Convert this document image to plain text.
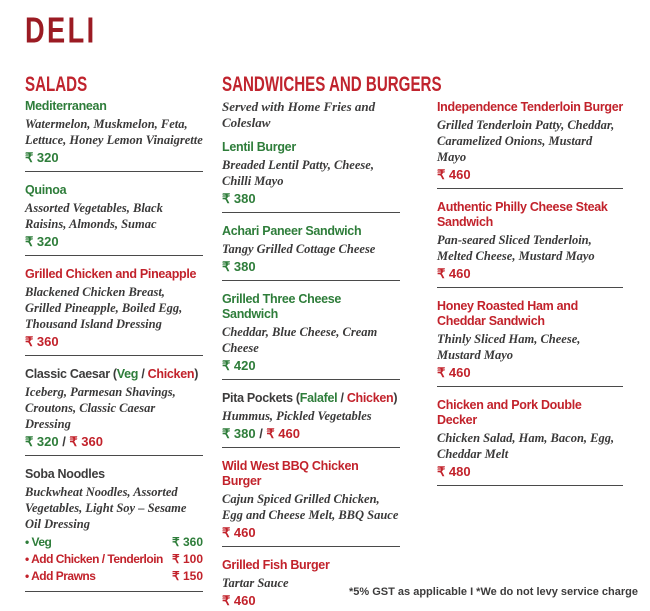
DELI
SALADS
Mediterranean
Watermelon, Muskmelon, Feta, Lettuce, Honey Lemon Vinaigrette
₹ 320
Quinoa
Assorted Vegetables, Black Raisins, Almonds, Sumac
₹ 320
Grilled Chicken and Pineapple
Blackened Chicken Breast, Grilled Pineapple, Boiled Egg, Thousand Island Dressing
₹ 360
Classic Caesar (Veg / Chicken)
Iceberg, Parmesan Shavings, Croutons, Classic Caesar Dressing
₹ 320 / ₹ 360
Soba Noodles
Buckwheat Noodles, Assorted Vegetables, Light Soy – Sesame Oil Dressing
• Veg	₹ 360
• Add Chicken / Tenderloin ₹ 100
• Add Prawns	₹ 150
SANDWICHES AND BURGERS
Served with Home Fries and Coleslaw
Lentil Burger
Breaded Lentil Patty, Cheese, Chilli Mayo
₹ 380
Achari Paneer Sandwich
Tangy Grilled Cottage Cheese
₹ 380
Grilled Three Cheese Sandwich
Cheddar, Blue Cheese, Cream Cheese
₹ 420
Pita Pockets (Falafel / Chicken)
Hummus, Pickled Vegetables
₹ 380 / ₹ 460
Wild West BBQ Chicken Burger
Cajun Spiced Grilled Chicken, Egg and Cheese Melt, BBQ Sauce
₹ 460
Grilled Fish Burger
Tartar Sauce
₹ 460
Independence Tenderloin Burger
Grilled Tenderloin Patty, Cheddar, Caramelized Onions, Mustard Mayo
₹ 460
Authentic Philly Cheese Steak Sandwich
Pan-seared Sliced Tenderloin, Melted Cheese, Mustard Mayo
₹ 460
Honey Roasted Ham and Cheddar Sandwich
Thinly Sliced Ham, Cheese, Mustard Mayo
₹ 460
Chicken and Pork Double Decker
Chicken Salad, Ham, Bacon, Egg, Cheddar Melt
₹ 480
*5% GST as applicable I *We do not levy service charge
